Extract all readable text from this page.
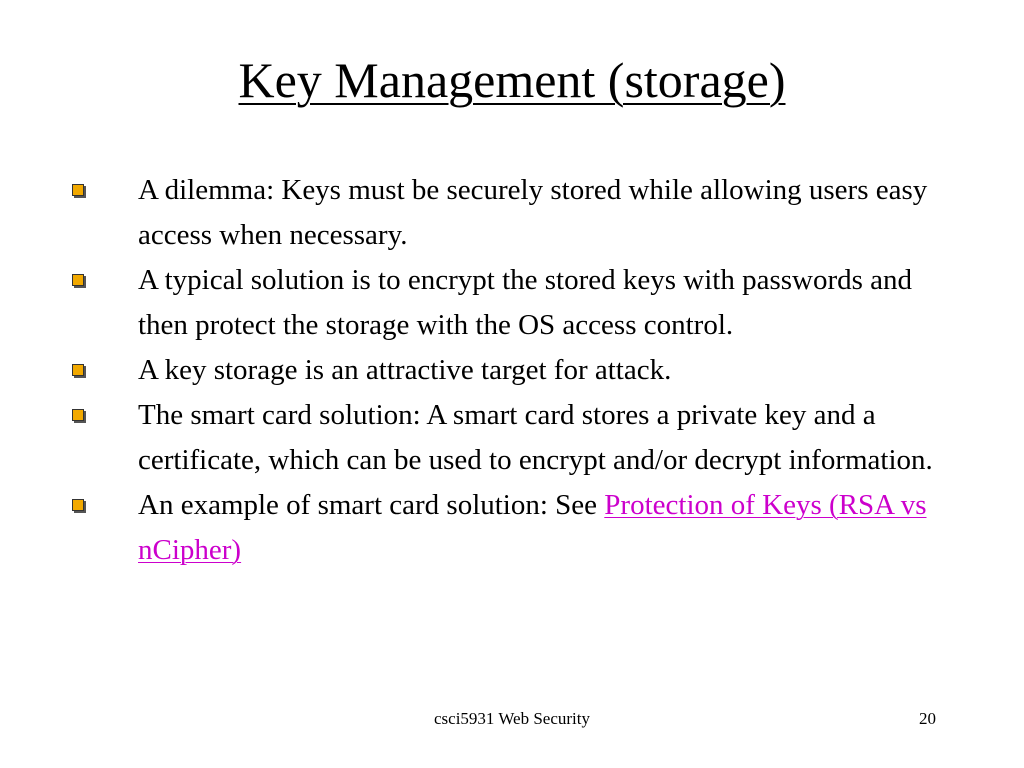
Key Management (storage)
A dilemma: Keys must be securely stored while allowing users easy access when necessary.
A typical solution is to encrypt the stored keys with passwords and then protect the storage with the OS access control.
A key storage is an attractive target for attack.
The smart card solution: A smart card stores a private key and a certificate, which can be used to encrypt and/or decrypt information.
An example of smart card solution: See Protection of Keys (RSA vs nCipher)
csci5931 Web Security	20
